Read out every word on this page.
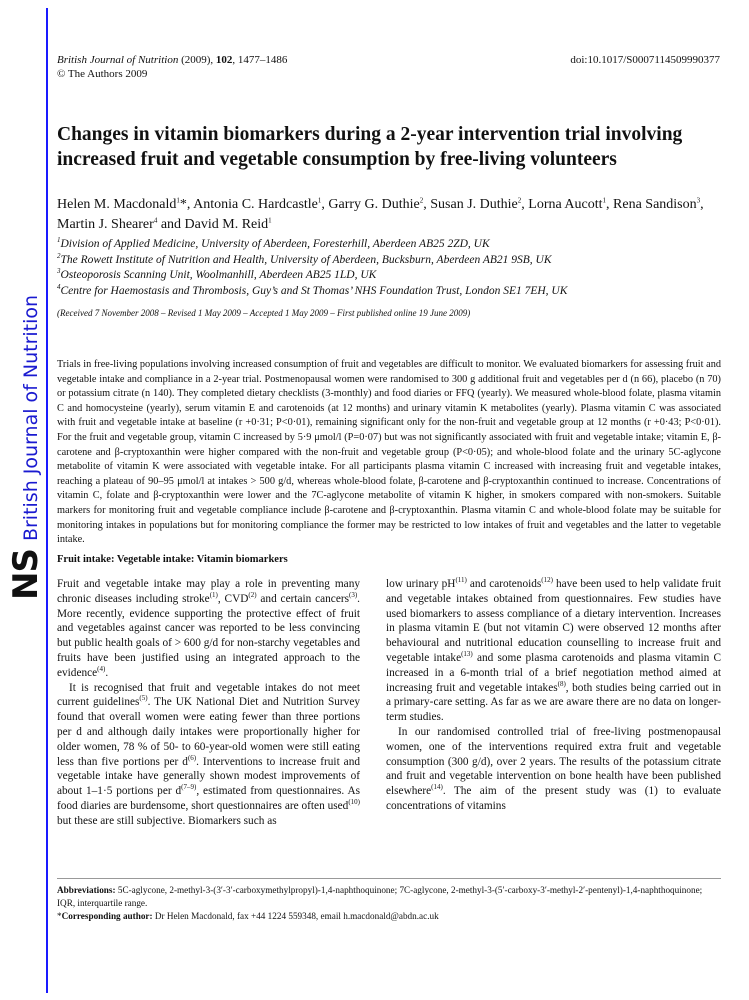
NS
British Journal of Nutrition
British Journal of Nutrition (2009), 102, 1477–1486
© The Authors 2009
doi:10.1017/S0007114509990377
Changes in vitamin biomarkers during a 2-year intervention trial involving increased fruit and vegetable consumption by free-living volunteers
Helen M. Macdonald$^1$*, Antonia C. Hardcastle$^1$, Garry G. Duthie$^2$, Susan J. Duthie$^2$, Lorna Aucott$^1$, Rena Sandison$^3$, Martin J. Shearer$^4$ and David M. Reid$^1$
$^1$Division of Applied Medicine, University of Aberdeen, Foresterhill, Aberdeen AB25 2ZD, UK
$^2$The Rowett Institute of Nutrition and Health, University of Aberdeen, Bucksburn, Aberdeen AB21 9SB, UK
$^3$Osteoporosis Scanning Unit, Woolmanhill, Aberdeen AB25 1LD, UK
$^4$Centre for Haemostasis and Thrombosis, Guy’s and St Thomas’ NHS Foundation Trust, London SE1 7EH, UK
(Received 7 November 2008 – Revised 1 May 2009 – Accepted 1 May 2009 – First published online 19 June 2009)
Trials in free-living populations involving increased consumption of fruit and vegetables are difficult to monitor. We evaluated biomarkers for assessing fruit and vegetable intake and compliance in a 2-year trial. Postmenopausal women were randomised to 300 g additional fruit and vegetables per d (n 66), placebo (n 70) or potassium citrate (n 140). They completed dietary checklists (3-monthly) and food diaries or FFQ (yearly). We measured whole-blood folate, plasma vitamin C and homocysteine (yearly), serum vitamin E and carotenoids (at 12 months) and urinary vitamin K metabolites (yearly). Plasma vitamin C was associated with fruit and vegetable intake at baseline (r +0·31; P<0·01), remaining significant only for the non-fruit and vegetable group at 12 months (r +0·43; P<0·01). For the fruit and vegetable group, vitamin C increased by 5·9 μmol/l (P=0·07) but was not significantly associated with fruit and vegetable intake; vitamin E, β-carotene and β-cryptoxanthin were higher compared with the non-fruit and vegetable group (P<0·05); and whole-blood folate and the urinary 5C-aglycone metabolite of vitamin K were associated with vegetable intake. For all participants plasma vitamin C increased with increasing fruit and vegetable intakes, reaching a plateau of 90–95 μmol/l at intakes > 500 g/d, whereas whole-blood folate, β-carotene and β-cryptoxanthin continued to increase. Concentrations of vitamin C, folate and β-cryptoxanthin were lower and the 7C-aglycone metabolite of vitamin K higher, in smokers compared with non-smokers. Suitable markers for monitoring fruit and vegetable compliance include β-carotene and β-cryptoxanthin. Plasma vitamin C and whole-blood folate may be suitable for monitoring intakes in populations but for monitoring compliance the former may be restricted to low intakes of fruit and vegetables and the latter to vegetable intake.
Fruit intake: Vegetable intake: Vitamin biomarkers

Fruit and vegetable intake may play a role in preventing many chronic diseases including stroke$^{(1)}$, CVD$^{(2)}$ and certain cancers$^{(3)}$. More recently, evidence supporting the protective effect of fruit and vegetables against cancer was reported to be less convincing but public health goals of > 600 g/d for non-starchy vegetables and fruits have been justified using an integrated approach to the evidence$^{(4)}$.

It is recognised that fruit and vegetable intakes do not meet current guidelines$^{(5)}$. The UK National Diet and Nutrition Survey found that overall women were eating fewer than three portions per d and although daily intakes were proportionally higher for older women, 78 % of 50- to 60-year-old women were still eating less than five portions per $d^{(6)}$. Interventions to increase fruit and vegetable intake have generally shown modest improvements of about 1–1·5 portions per $d^{(7-9)}$, estimated from questionnaires. As food diaries are burdensome, short questionnaires are often used$^{(10)}$ but these are still subjective. Biomarkers such as

low urinary $pH^{(11)}$ and carotenoids$^{(12)}$ have been used to help validate fruit and vegetable intakes obtained from questionnaires. Few studies have used biomarkers to assess compliance of a dietary intervention. Increases in plasma vitamin E (but not vitamin C) were observed 12 months after behavioural and nutritional education counselling to increase fruit and vegetable intake$^{(13)}$ and some plasma carotenoids and plasma vitamin C increased in a 6-month trial of a brief negotiation method aimed at increasing fruit and vegetable intakes$^{(8)}$, both studies being carried out in a primary-care setting. As far as we are aware there are no data on longer-term studies.

In our randomised controlled trial of free-living postmenopausal women, one of the interventions required extra fruit and vegetable consumption (300 g/d), over 2 years. The results of the potassium citrate and fruit and vegetable intervention on bone health have been published elsewhere$^{(14)}$. The aim of the present study was (1) to evaluate concentrations of vitamins

Abbreviations: 5C-aglycone, 2-methyl-3-(3′-3′-carboxymethylpropyl)-1,4-naphthoquinone; 7C-aglycone, 2-methyl-3-(5′-carboxy-3′-methyl-2′-pentenyl)-1,4-naphthoquinone; IQR, interquartile range.
*Corresponding author: Dr Helen Macdonald, fax +44 1224 559348, email h.macdonald@abdn.ac.uk
